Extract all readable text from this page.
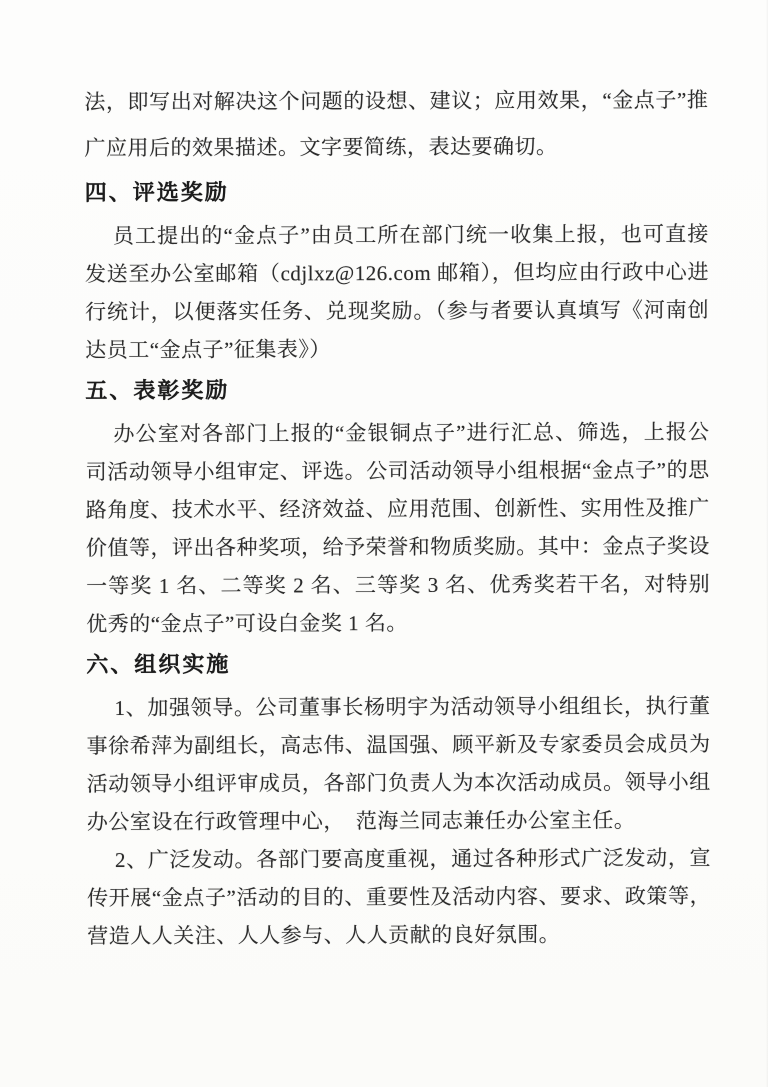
法，即写出对解决这个问题的设想、建议；应用效果，“金点子”推广应用后的效果描述。文字要简练，表达要确切。

四、评选奖励

员工提出的“金点子”由员工所在部门统一收集上报，也可直接发送至办公室邮箱（cdjlxz@126.com 邮箱），但均应由行政中心进行统计，以便落实任务、兑现奖励。（参与者要认真填写《河南创达员工“金点子”征集表》）

五、表彰奖励

办公室对各部门上报的“金银铜点子”进行汇总、筛选，上报公司活动领导小组审定、评选。公司活动领导小组根据“金点子”的思路角度、技术水平、经济效益、应用范围、创新性、实用性及推广价值等，评出各种奖项，给予荣誉和物质奖励。其中：金点子奖设一等奖 1 名、二等奖 2 名、三等奖 3 名、优秀奖若干名，对特别优秀的“金点子”可设白金奖 1 名。

六、组织实施

1、加强领导。公司董事长杨明宇为活动领导小组组长，执行董事徐希萍为副组长，高志伟、温国强、顾平新及专家委员会成员为活动领导小组评审成员，各部门负责人为本次活动成员。领导小组办公室设在行政管理中心，　范海兰同志兼任办公室主任。

2、广泛发动。各部门要高度重视，通过各种形式广泛发动，宣传开展“金点子”活动的目的、重要性及活动内容、要求、政策等，营造人人关注、人人参与、人人贡献的良好氛围。
